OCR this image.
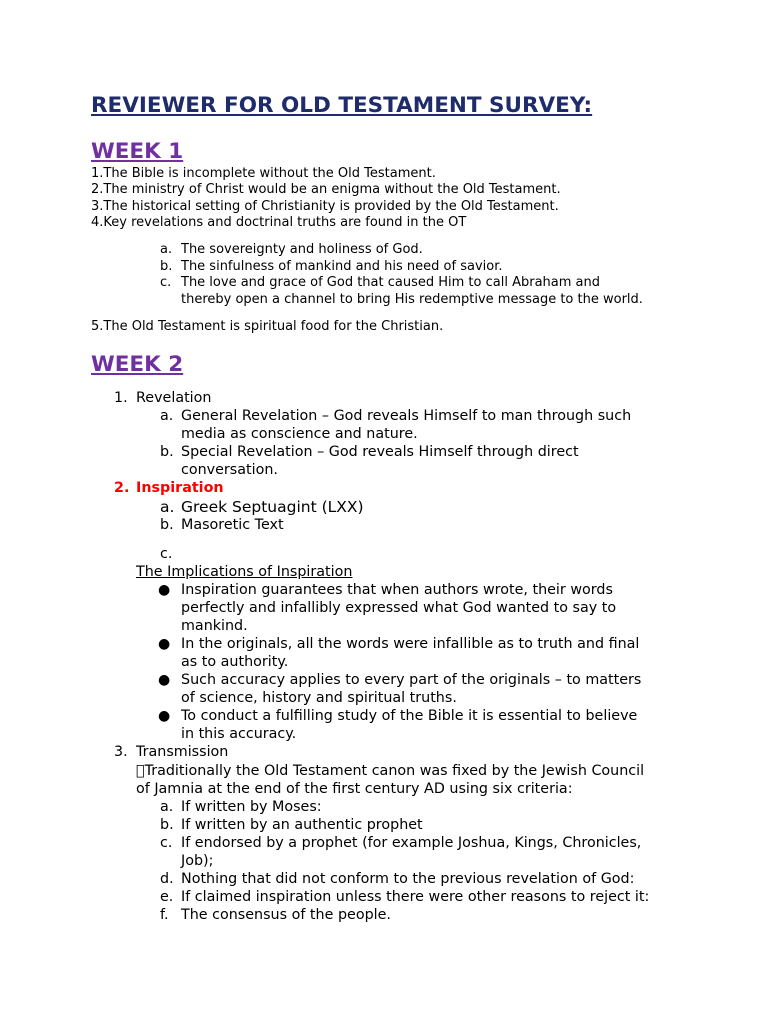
REVIEWER FOR OLD TESTAMENT SURVEY:
WEEK 1
1.The Bible is incomplete without the Old Testament.
2.The ministry of Christ would be an enigma without the Old Testament.
3.The historical setting of Christianity is provided by the Old Testament.
4.Key revelations and doctrinal truths are found in the OT
a. The sovereignty and holiness of God.
b. The sinfulness of mankind and his need of savior.
c. The love and grace of God that caused Him to call Abraham and
thereby open a channel to bring His redemptive message to the world.
5.The Old Testament is spiritual food for the Christian.
WEEK 2
1. Revelation
a. General Revelation – God reveals Himself to man through such
media as conscience and nature.
b. Special Revelation – God reveals Himself through direct
conversation.
2. Inspiration
a. Greek Septuagint (LXX)
b. Masoretic Text
c.
The Implications of Inspiration
● Inspiration guarantees that when authors wrote, their words
perfectly and infallibly expressed what God wanted to say to
mankind.
● In the originals, all the words were infallible as to truth and final
as to authority.
● Such accuracy applies to every part of the originals – to matters
of science, history and spiritual truths.
● To conduct a fulfilling study of the Bible it is essential to believe
in this accuracy.
3. Transmission
Traditionally the Old Testament canon was fixed by the Jewish Council
of Jamnia at the end of the first century AD using six criteria:
a. If written by Moses:
b. If written by an authentic prophet
c. If endorsed by a prophet (for example Joshua, Kings, Chronicles,
Job);
d. Nothing that did not conform to the previous revelation of God:
e. If claimed inspiration unless there were other reasons to reject it:
f. The consensus of the people.
